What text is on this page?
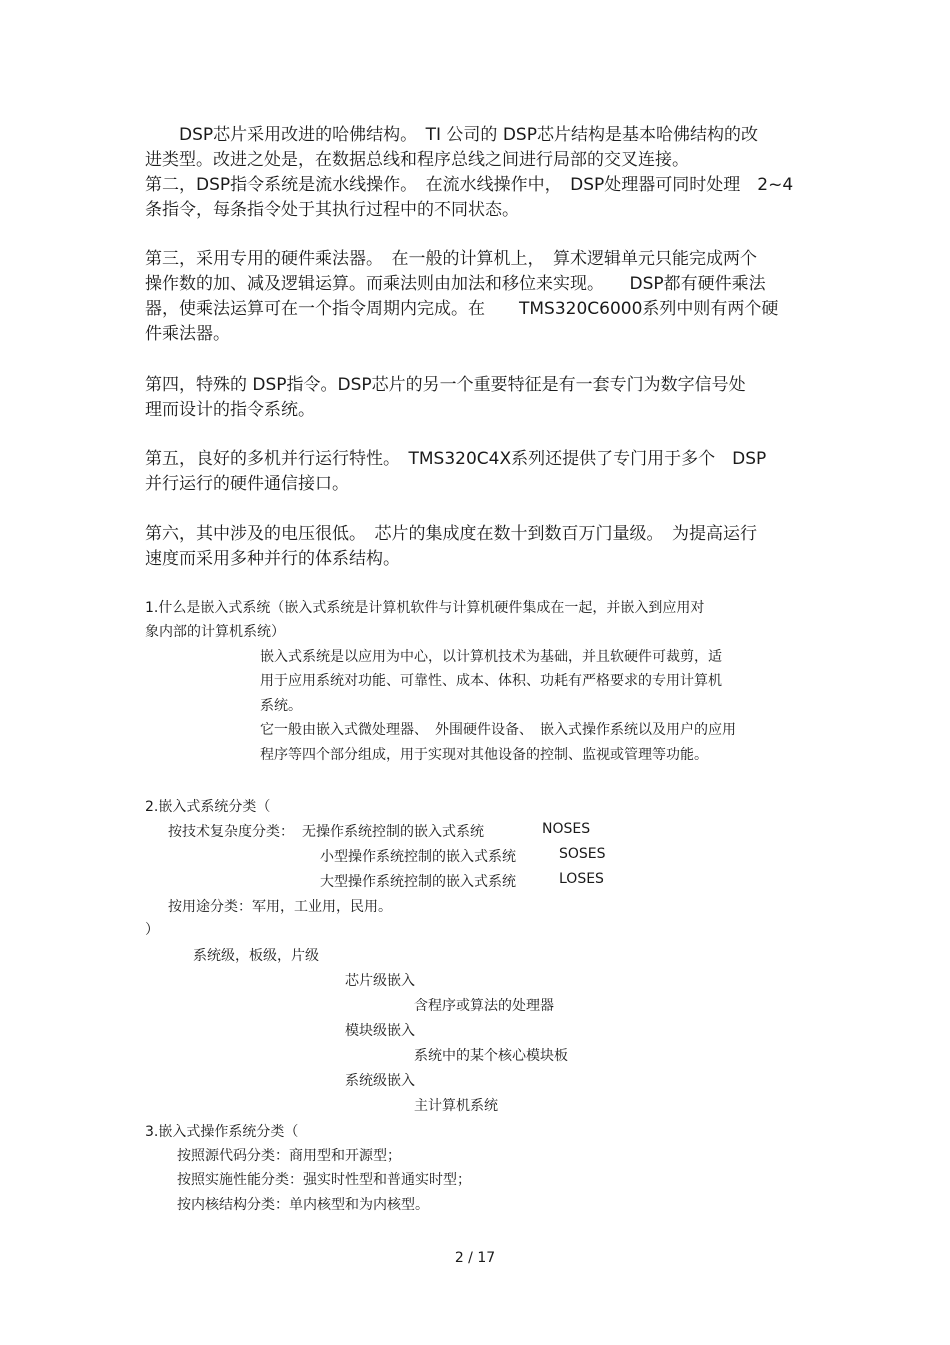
　　DSP芯片采用改进的哈佛结构。　TI 公司的 DSP芯片结构是基本哈佛结构的改
进类型。改进之处是，在数据总线和程序总线之间进行局部的交叉连接。
第二，DSP指令系统是流水线操作。　在流水线操作中，　DSP处理器可同时处理　2~4
条指令，每条指令处于其执行过程中的不同状态。
第三，采用专用的硬件乘法器。　在一般的计算机上，　算术逻辑单元只能完成两个
操作数的加、减及逻辑运算。而乘法则由加法和移位来实现。　　DSP都有硬件乘法
器，使乘法运算可在一个指令周期内完成。在　　TMS320C6000系列中则有两个硬
件乘法器。
第四，特殊的 DSP指令。DSP芯片的另一个重要特征是有一套专门为数字信号处
理而设计的指令系统。
第五，良好的多机并行运行特性。　TMS320C4X系列还提供了专门用于多个　DSP
并行运行的硬件通信接口。
第六，其中涉及的电压很低。　芯片的集成度在数十到数百万门量级。　为提高运行
速度而采用多种并行的体系结构。
1.什么是嵌入式系统（嵌入式系统是计算机软件与计算机硬件集成在一起，并嵌入到应用对
象内部的计算机系统）
嵌入式系统是以应用为中心，以计算机技术为基础，并且软硬件可裁剪，适
用于应用系统对功能、可靠性、成本、体积、功耗有严格要求的专用计算机
系统。
它一般由嵌入式微处理器、　外围硬件设备、　嵌入式操作系统以及用户的应用
程序等四个部分组成，用于实现对其他设备的控制、监视或管理等功能。
2.嵌入式系统分类（
按技术复杂度分类： 无操作系统控制的嵌入式系统	NOSES
小型操作系统控制的嵌入式系统	SOSES
大型操作系统控制的嵌入式系统	LOSES
按用途分类：军用，工业用，民用。
）
系统级，板级，片级
芯片级嵌入
含程序或算法的处理器
模块级嵌入
系统中的某个核心模块板
系统级嵌入
主计算机系统
3.嵌入式操作系统分类（
按照源代码分类：商用型和开源型；
按照实施性能分类：强实时性型和普通实时型；
按内核结构分类：单内核型和为内核型。
2 / 17
